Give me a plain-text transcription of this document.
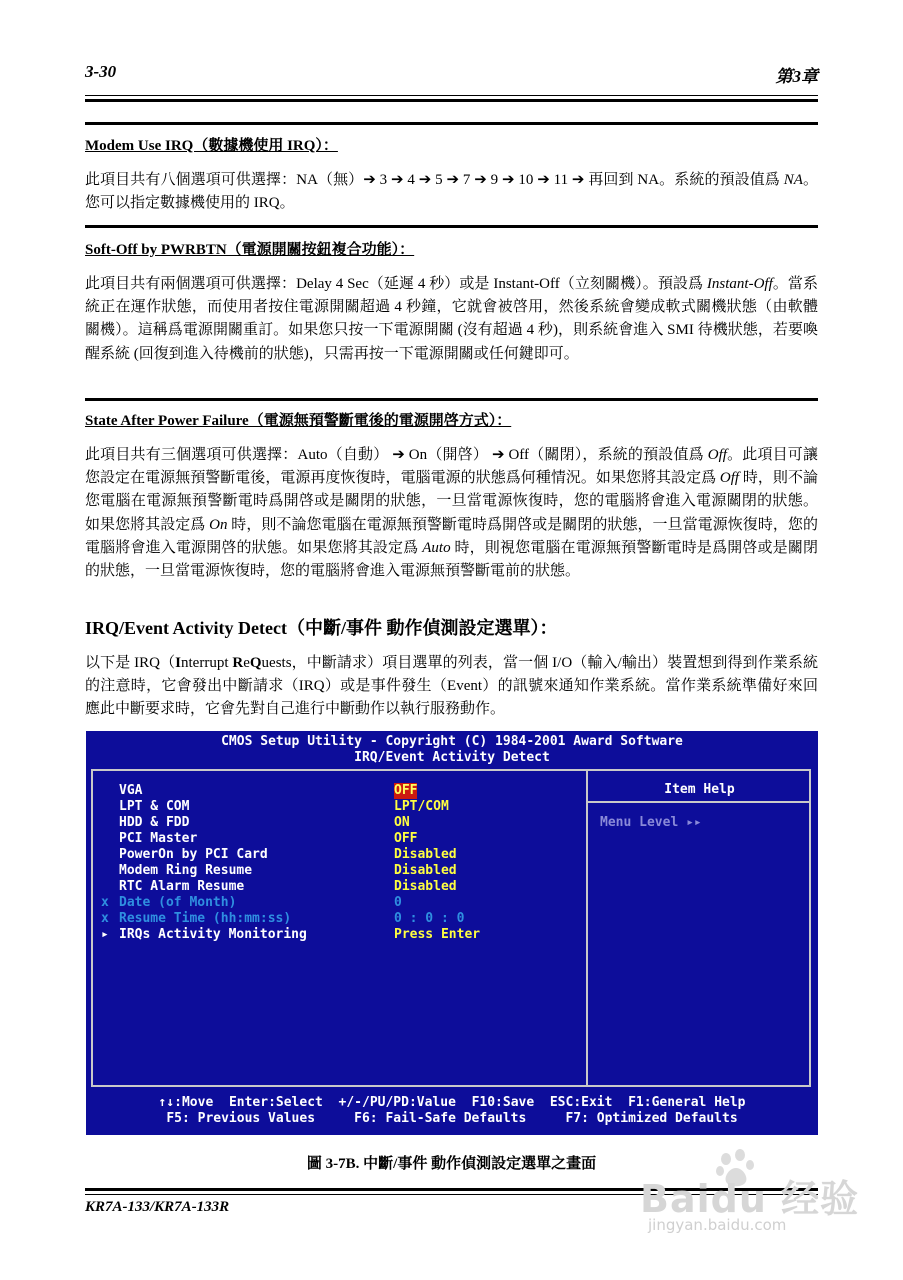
3-30	第3章
Modem Use IRQ（數據機使用 IRQ）：
此項目共有八個選項可供選擇：NA（無）➔ 3 ➔ 4 ➔ 5 ➔ 7 ➔ 9 ➔ 10 ➔ 11 ➔ 再回到 NA。系統的預設值爲 NA。您可以指定數據機使用的 IRQ。
Soft-Off by PWRBTN（電源開關按鈕複合功能）：
此項目共有兩個選項可供選擇：Delay 4 Sec（延遲 4 秒）或是 Instant-Off（立刻關機）。預設爲 Instant-Off。當系統正在運作狀態，而使用者按住電源開關超過 4 秒鐘，它就會被啓用，然後系統會變成軟式關機狀態（由軟體關機）。這稱爲電源開關重訂。如果您只按一下電源開關 (沒有超過 4 秒)，則系統會進入 SMI 待機狀態，若要喚醒系統 (回復到進入待機前的狀態)，只需再按一下電源開關或任何鍵即可。
State After Power Failure（電源無預警斷電後的電源開啓方式）：
此項目共有三個選項可供選擇：Auto（自動） ➔ On（開啓） ➔ Off（關閉），系統的預設值爲 Off。此項目可讓您設定在電源無預警斷電後，電源再度恢復時，電腦電源的狀態爲何種情況。如果您將其設定爲 Off 時，則不論您電腦在電源無預警斷電時爲開啓或是關閉的狀態，一旦當電源恢復時，您的電腦將會進入電源關閉的狀態。如果您將其設定爲 On 時，則不論您電腦在電源無預警斷電時爲開啓或是關閉的狀態，一旦當電源恢復時，您的電腦將會進入電源開啓的狀態。如果您將其設定爲 Auto 時，則視您電腦在電源無預警斷電時是爲開啓或是關閉的狀態，一旦當電源恢復時，您的電腦將會進入電源無預警斷電前的狀態。
IRQ/Event Activity Detect（中斷/事件 動作偵測設定選單）：
以下是 IRQ（Interrupt ReQuests，中斷請求）項目選單的列表，當一個 I/O（輸入/輸出）裝置想到得到作業系統的注意時，它會發出中斷請求（IRQ）或是事件發生（Event）的訊號來通知作業系統。當作業系統準備好來回應此中斷要求時，它會先對自己進行中斷動作以執行服務動作。
CMOS Setup Utility - Copyright (C) 1984-2001 Award Software
IRQ/Event Activity Detect
Item Help
Menu Level ▸▸
VGA	OFF
LPT & COM	LPT/COM
HDD & FDD	ON
PCI Master	OFF
PowerOn by PCI Card	Disabled
Modem Ring Resume	Disabled
RTC Alarm Resume	Disabled
x Date (of Month)	0
x Resume Time (hh:mm:ss)	0 : 0 : 0
▸ IRQs Activity Monitoring	Press Enter
↑↓:Move  Enter:Select  +/-/PU/PD:Value  F10:Save  ESC:Exit  F1:General Help
F5: Previous Values     F6: Fail-Safe Defaults     F7: Optimized Defaults
圖 3-7B. 中斷/事件 動作偵測設定選單之畫面
KR7A-133/KR7A-133R	Baidu 经验
jingyan.baidu.com
